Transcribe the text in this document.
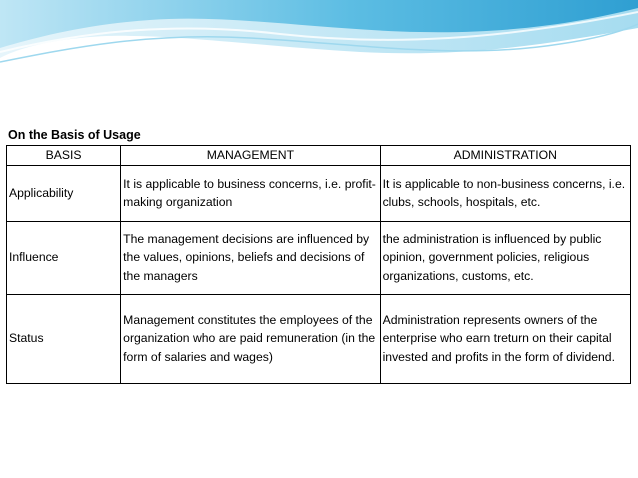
On the Basis of Usage
BASIS	MANAGEMENT	ADMINISTRATION
Applicability	It is applicable to business concerns, i.e. profit-making organization	It is applicable to non-business concerns, i.e. clubs, schools, hospitals, etc.
Influence	The management decisions are influenced by the values, opinions, beliefs and decisions of the managers	the administration is influenced by public opinion, government policies, religious organizations, customs, etc.
Status	Management constitutes the employees of the organization who are paid remuneration (in the form of salaries and wages)	Administration represents owners of the enterprise who earn treturn on their capital invested and profits in the form of dividend.
